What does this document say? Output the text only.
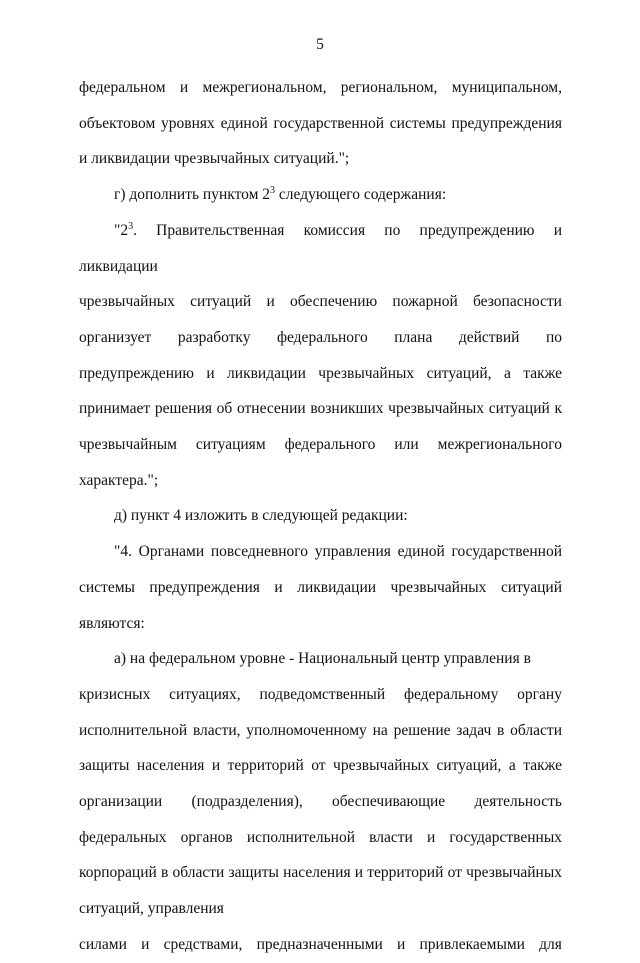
5
федеральном и межрегиональном, региональном, муниципальном,

объектовом уровнях единой государственной системы предупреждения и ликвидации чрезвычайных ситуаций.";

г) дополнить пунктом $2^3$ следующего содержания:

"$2^3$. Правительственная комиссия по предупреждению и ликвидации

чрезвычайных ситуаций и обеспечению пожарной безопасности

организует разработку федерального плана действий по предупреждению и ликвидации чрезвычайных ситуаций, а также принимает решения об отнесении возникших чрезвычайных ситуаций к чрезвычайным ситуациям федерального или межрегионального характера.";

д) пункт 4 изложить в следующей редакции:

"4. Органами повседневного управления единой государственной системы предупреждения и ликвидации чрезвычайных ситуаций являются:

а) на федеральном уровне - Национальный центр управления в

кризисных ситуациях, подведомственный федеральному органу

исполнительной власти, уполномоченному на решение задач в области защиты населения и территорий от чрезвычайных ситуаций, а также организации (подразделения), обеспечивающие деятельность федеральных органов исполнительной власти и государственных корпораций в области защиты населения и территорий от чрезвычайных ситуаций, управления

силами и средствами, предназначенными и привлекаемыми для
